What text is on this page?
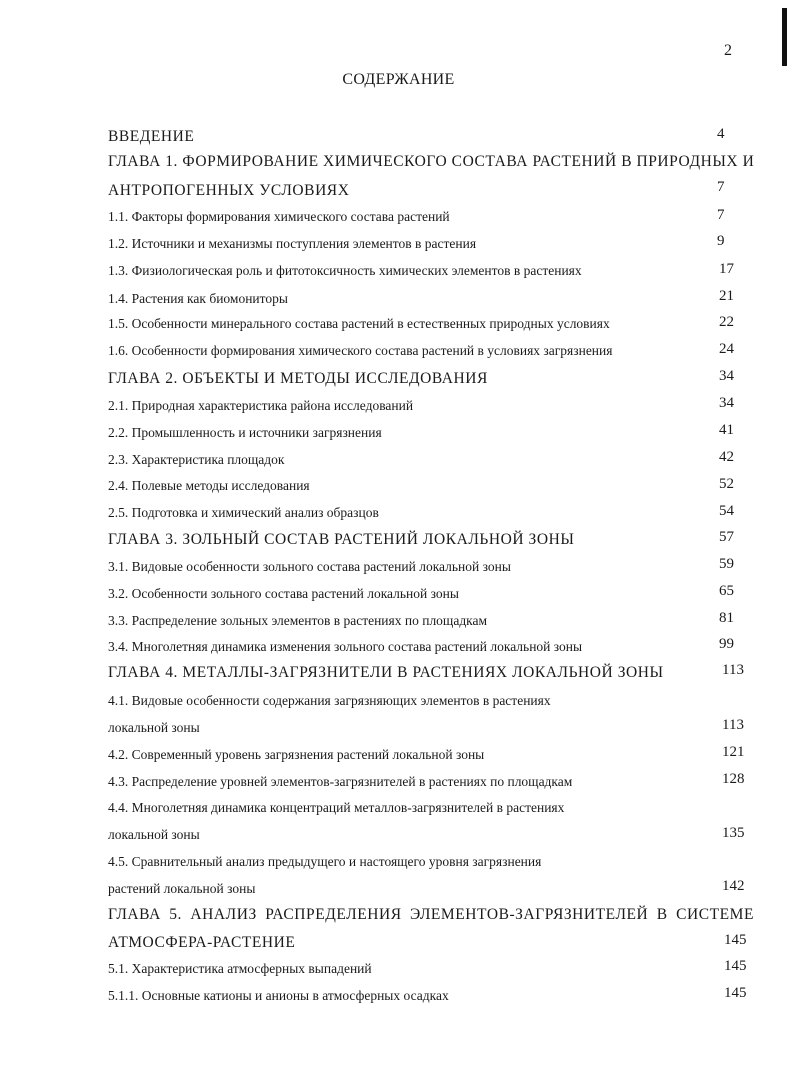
2
СОДЕРЖАНИЕ
ВВЕДЕНИЕ	4
ГЛАВА 1. ФОРМИРОВАНИЕ ХИМИЧЕСКОГО СОСТАВА РАСТЕНИЙ В ПРИРОДНЫХ И
АНТРОПОГЕННЫХ УСЛОВИЯХ	7
1.1. Факторы формирования химического состава растений	7
1.2. Источники и механизмы поступления элементов в растения	9
1.3. Физиологическая роль и фитотоксичность химических элементов в растениях	17
1.4. Растения как биомониторы	21
1.5. Особенности минерального состава растений в естественных природных условиях	22
1.6. Особенности формирования химического состава растений в условиях загрязнения	24
ГЛАВА 2. ОБЪЕКТЫ И МЕТОДЫ ИССЛЕДОВАНИЯ	34
2.1. Природная характеристика района исследований	34
2.2. Промышленность и источники загрязнения	41
2.3. Характеристика площадок	42
2.4. Полевые методы исследования	52
2.5. Подготовка и химический анализ образцов	54
ГЛАВА 3. ЗОЛЬНЫЙ СОСТАВ РАСТЕНИЙ ЛОКАЛЬНОЙ ЗОНЫ	57
3.1. Видовые особенности зольного состава растений локальной зоны	59
3.2. Особенности зольного состава растений локальной зоны	65
3.3. Распределение зольных элементов в растениях по площадкам	81
3.4. Многолетняя динамика изменения зольного состава растений локальной зоны	99
ГЛАВА 4. МЕТАЛЛЫ-ЗАГРЯЗНИТЕЛИ В РАСТЕНИЯХ ЛОКАЛЬНОЙ ЗОНЫ	113
4.1. Видовые особенности содержания загрязняющих элементов в растениях
локальной зоны	113
4.2. Современный уровень загрязнения растений локальной зоны	121
4.3. Распределение уровней элементов-загрязнителей в растениях по площадкам	128
4.4. Многолетняя динамика концентраций металлов-загрязнителей в растениях
локальной зоны	135
4.5. Сравнительный анализ предыдущего и настоящего уровня загрязнения
растений локальной зоны	142
ГЛАВА 5. АНАЛИЗ РАСПРЕДЕЛЕНИЯ ЭЛЕМЕНТОВ-ЗАГРЯЗНИТЕЛЕЙ В СИСТЕМЕ
АТМОСФЕРА-РАСТЕНИЕ	145
5.1. Характеристика атмосферных выпадений	145
5.1.1. Основные катионы и анионы в атмосферных осадках	145
